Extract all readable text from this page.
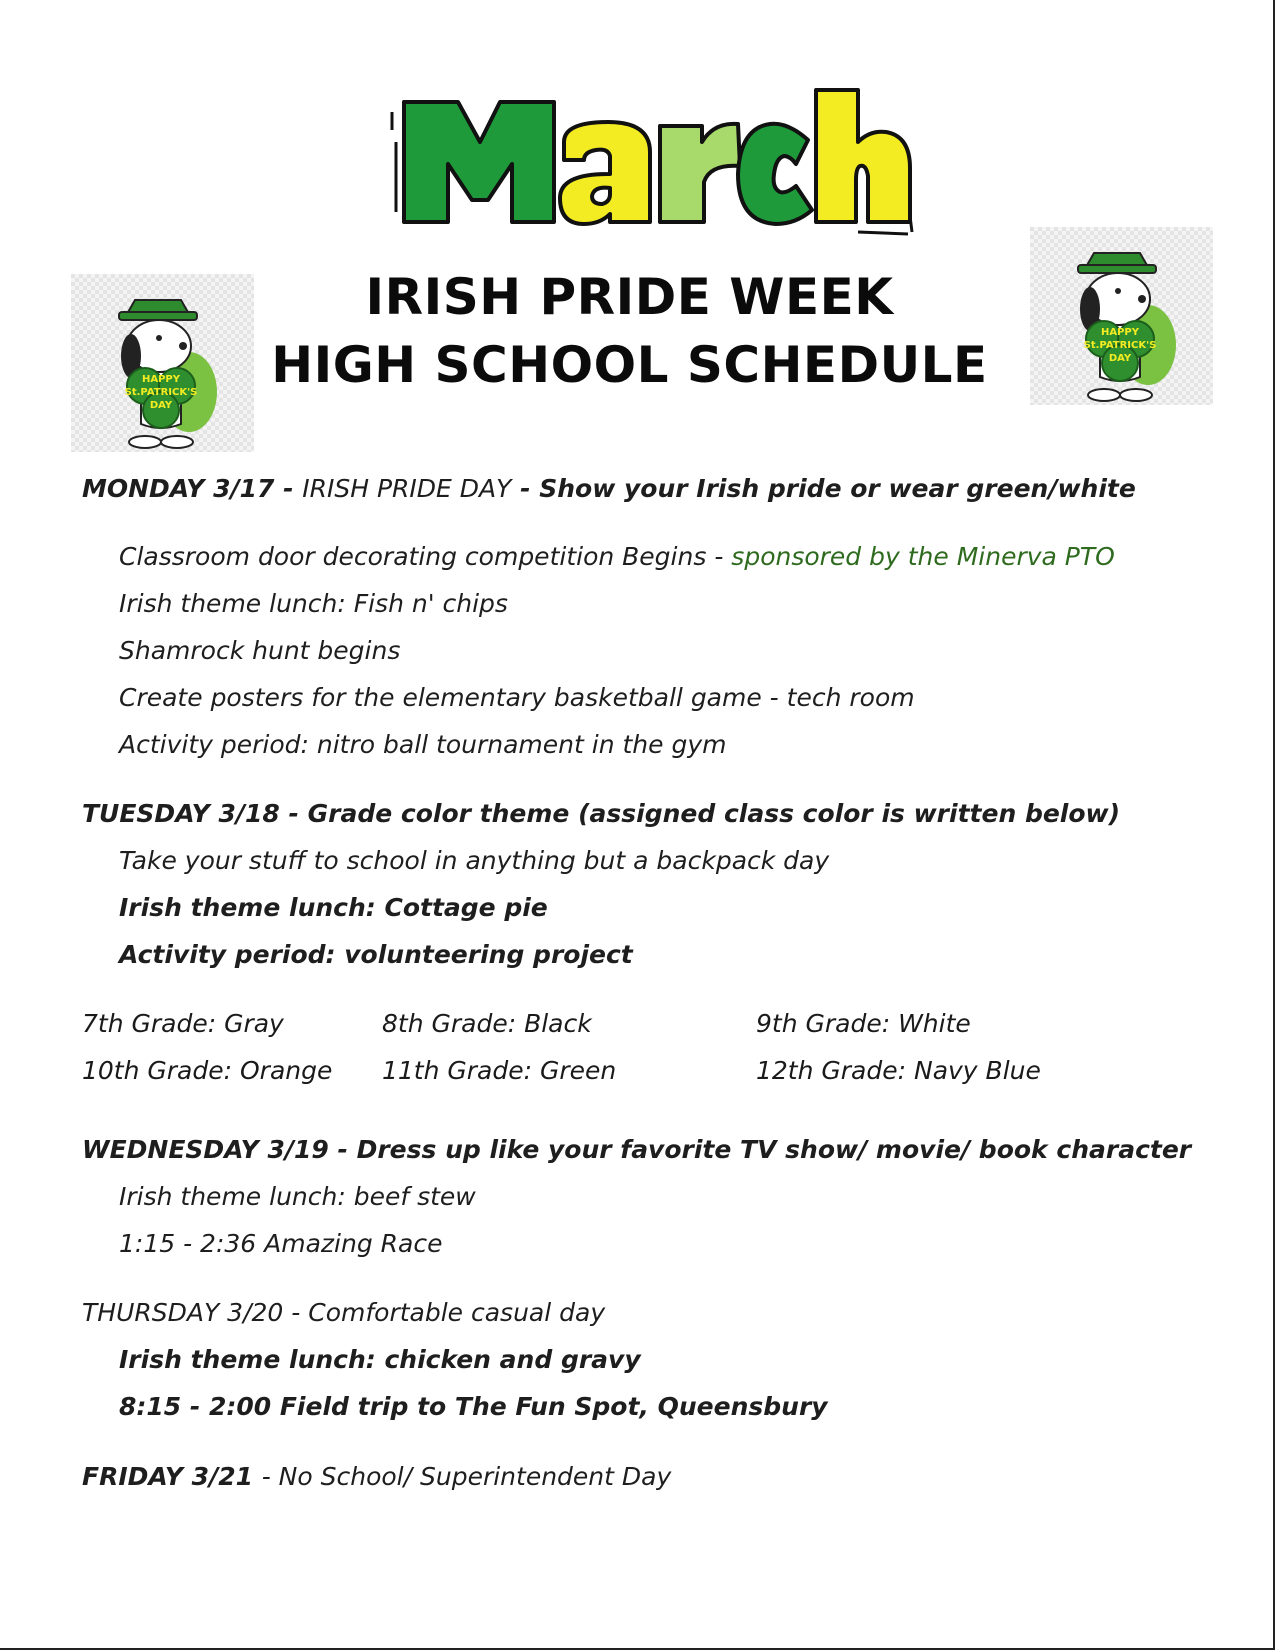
HAPPY
St.PATRICK'S
DAY
HAPPY
St.PATRICK'S
DAY
IRISH PRIDE WEEK
HIGH SCHOOL SCHEDULE
MONDAY 3/17 - IRISH PRIDE DAY - Show your Irish pride or wear green/white
Classroom door decorating competition Begins - sponsored by the Minerva PTO
Irish theme lunch: Fish n' chips
Shamrock hunt begins
Create posters for the elementary basketball game - tech room
Activity period: nitro ball tournament in the gym
TUESDAY 3/18 - Grade color theme (assigned class color is written below)
Take your stuff to school in anything but a backpack day
Irish theme lunch: Cottage pie
Activity period: volunteering project
7th Grade: Gray	8th Grade: Black	9th Grade: White
10th Grade: Orange 11th Grade: Green	12th Grade: Navy Blue
WEDNESDAY 3/19 - Dress up like your favorite TV show/ movie/ book character
Irish theme lunch: beef stew
1:15 - 2:36 Amazing Race
THURSDAY 3/20 - Comfortable casual day
Irish theme lunch: chicken and gravy
8:15 - 2:00 Field trip to The Fun Spot, Queensbury
FRIDAY 3/21 - No School/ Superintendent Day
